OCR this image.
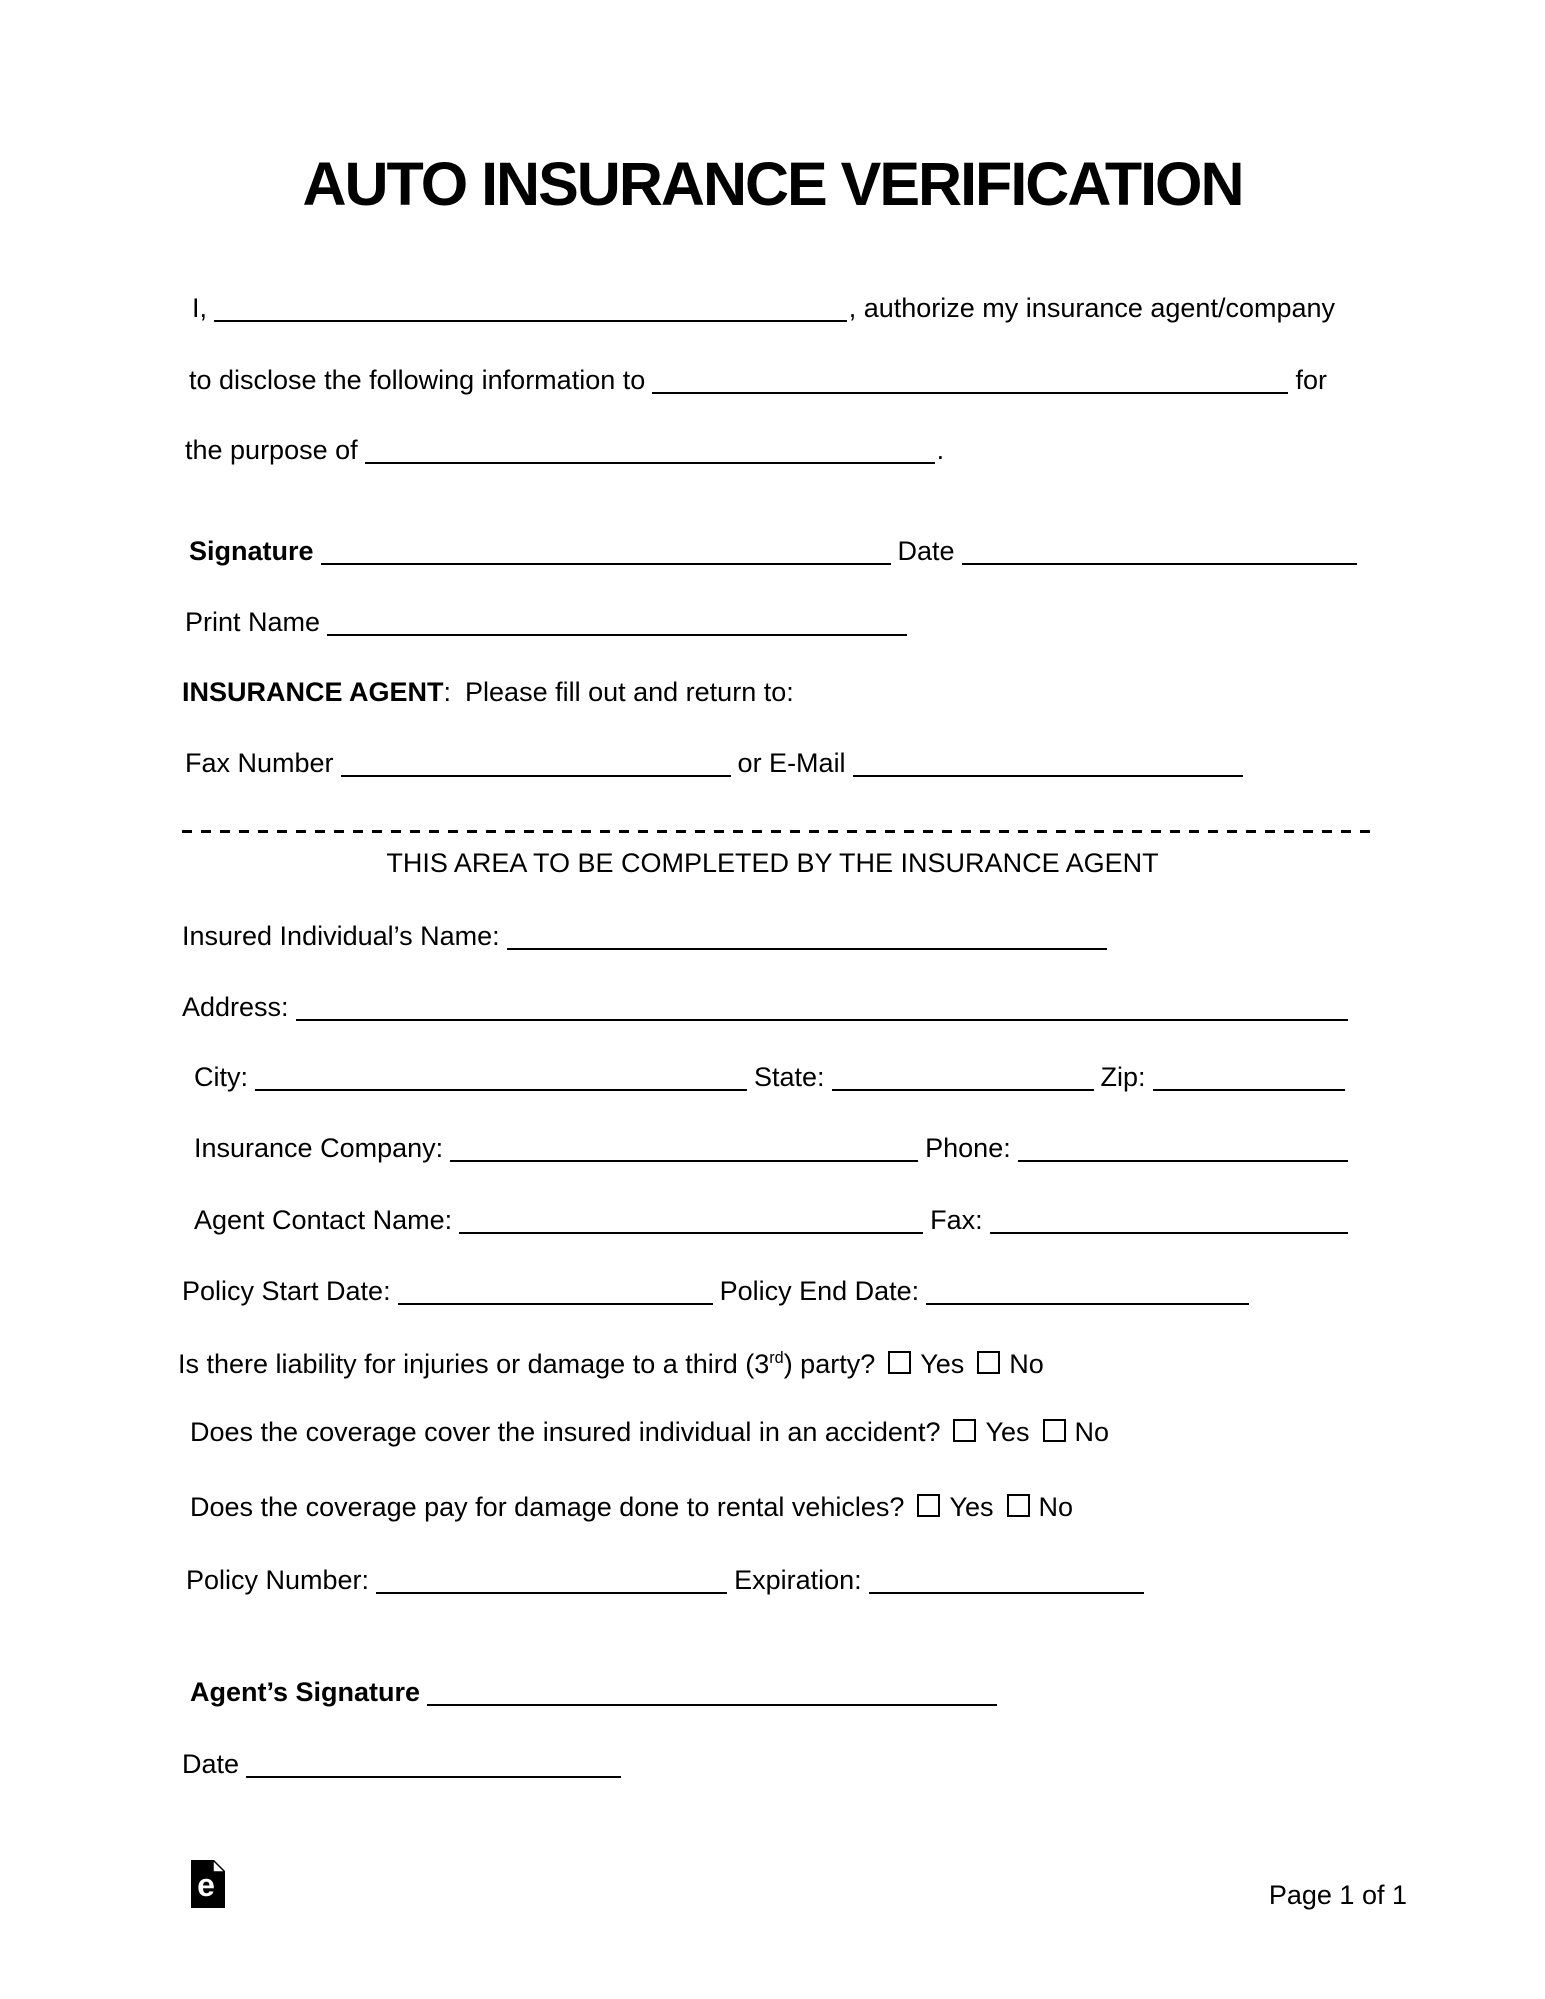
AUTO INSURANCE VERIFICATION
I,	, authorize my insurance agent/company
to disclose the following information to	for
the purpose of	.
Signature	Date
Print Name
INSURANCE AGENT : Please fill out and return to:
Fax Number	or E-Mail
THIS AREA TO BE COMPLETED BY THE INSURANCE AGENT
Insured Individual’s Name:
Address:
City:	State:	Zip:
Insurance Company:	Phone:
Agent Contact Name:	Fax:
Policy Start Date:	Policy End Date:
Is there liability for injuries or damage to a third (3rd) party? Yes No
Does the coverage cover the insured individual in an accident? Yes No
Does the coverage pay for damage done to rental vehicles? Yes No
Policy Number:	Expiration:
Agent’s Signature
Date
e	Page 1 of 1
